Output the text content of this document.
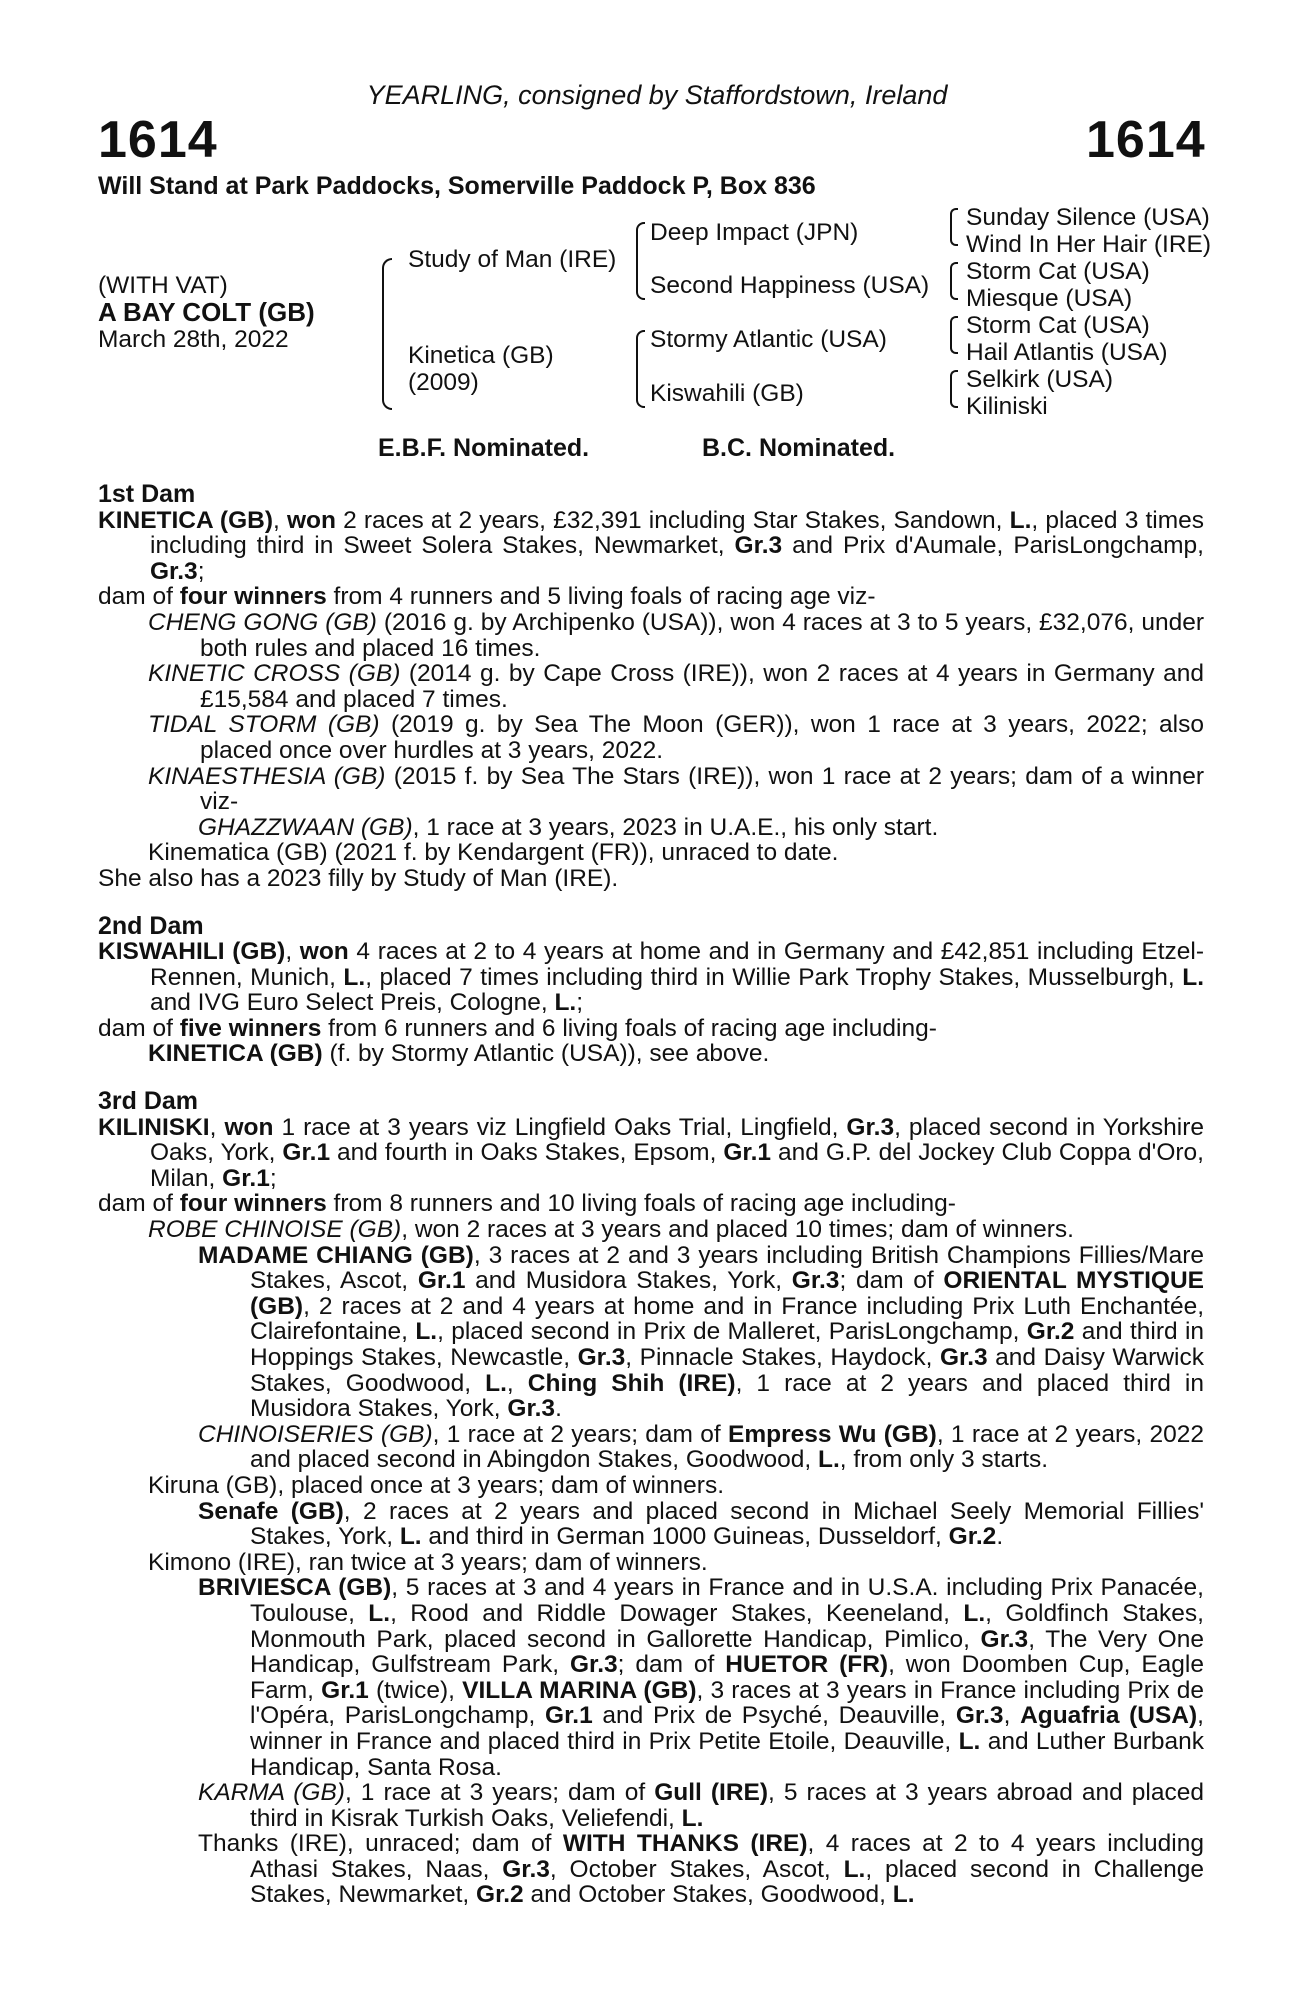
YEARLING, consigned by Staffordstown, Ireland
1614	1614
Will Stand at Park Paddocks, Somerville Paddock P, Box 836
(WITH VAT)
A BAY COLT (GB)
March 28th, 2022
Study of Man (IRE)
Kinetica (GB)
(2009)
Deep Impact (JPN)
Second Happiness (USA)
Stormy Atlantic (USA)
Kiswahili (GB)
Sunday Silence (USA)
Wind In Her Hair (IRE)
Storm Cat (USA)
Miesque (USA)
Storm Cat (USA)
Hail Atlantis (USA)
Selkirk (USA)
Kiliniski
E.B.F. Nominated.	B.C. Nominated.
1st Dam
KINETICA (GB), won 2 races at 2 years, £32,391 including Star Stakes, Sandown, L., placed 3 times including third in Sweet Solera Stakes, Newmarket, Gr.3 and Prix d'Aumale, ParisLongchamp, Gr.3;
dam of four winners from 4 runners and 5 living foals of racing age viz-
CHENG GONG (GB) (2016 g. by Archipenko (USA)), won 4 races at 3 to 5 years, £32,076, under both rules and placed 16 times.
KINETIC CROSS (GB) (2014 g. by Cape Cross (IRE)), won 2 races at 4 years in Germany and £15,584 and placed 7 times.
TIDAL STORM (GB) (2019 g. by Sea The Moon (GER)), won 1 race at 3 years, 2022; also placed once over hurdles at 3 years, 2022.
KINAESTHESIA (GB) (2015 f. by Sea The Stars (IRE)), won 1 race at 2 years; dam of a winner viz-
GHAZZWAAN (GB), 1 race at 3 years, 2023 in U.A.E., his only start.
Kinematica (GB) (2021 f. by Kendargent (FR)), unraced to date.
She also has a 2023 filly by Study of Man (IRE).
2nd Dam
KISWAHILI (GB), won 4 races at 2 to 4 years at home and in Germany and £42,851 including Etzel- Rennen, Munich, L., placed 7 times including third in Willie Park Trophy Stakes, Musselburgh, L. and IVG Euro Select Preis, Cologne, L.;
dam of five winners from 6 runners and 6 living foals of racing age including-
KINETICA (GB) (f. by Stormy Atlantic (USA)), see above.
3rd Dam
KILINISKI, won 1 race at 3 years viz Lingfield Oaks Trial, Lingfield, Gr.3, placed second in Yorkshire Oaks, York, Gr.1 and fourth in Oaks Stakes, Epsom, Gr.1 and G.P. del Jockey Club Coppa d'Oro, Milan, Gr.1;
dam of four winners from 8 runners and 10 living foals of racing age including-
ROBE CHINOISE (GB), won 2 races at 3 years and placed 10 times; dam of winners.
MADAME CHIANG (GB), 3 races at 2 and 3 years including British Champions Fillies/Mare Stakes, Ascot, Gr.1 and Musidora Stakes, York, Gr.3; dam of ORIENTAL MYSTIQUE (GB), 2 races at 2 and 4 years at home and in France including Prix Luth Enchantée, Clairefontaine, L., placed second in Prix de Malleret, ParisLongchamp, Gr.2 and third in Hoppings Stakes, Newcastle, Gr.3, Pinnacle Stakes, Haydock, Gr.3 and Daisy Warwick Stakes, Goodwood, L., Ching Shih (IRE), 1 race at 2 years and placed third in Musidora Stakes, York, Gr.3.
CHINOISERIES (GB), 1 race at 2 years; dam of Empress Wu (GB), 1 race at 2 years, 2022 and placed second in Abingdon Stakes, Goodwood, L., from only 3 starts.
Kiruna (GB), placed once at 3 years; dam of winners.
Senafe (GB), 2 races at 2 years and placed second in Michael Seely Memorial Fillies' Stakes, York, L. and third in German 1000 Guineas, Dusseldorf, Gr.2.
Kimono (IRE), ran twice at 3 years; dam of winners.
BRIVIESCA (GB), 5 races at 3 and 4 years in France and in U.S.A. including Prix Panacée, Toulouse, L., Rood and Riddle Dowager Stakes, Keeneland, L., Goldfinch Stakes, Monmouth Park, placed second in Gallorette Handicap, Pimlico, Gr.3, The Very One Handicap, Gulfstream Park, Gr.3; dam of HUETOR (FR), won Doomben Cup, Eagle Farm, Gr.1 (twice), VILLA MARINA (GB), 3 races at 3 years in France including Prix de l'Opéra, ParisLongchamp, Gr.1 and Prix de Psyché, Deauville, Gr.3, Aguafria (USA), winner in France and placed third in Prix Petite Etoile, Deauville, L. and Luther Burbank Handicap, Santa Rosa.
KARMA (GB), 1 race at 3 years; dam of Gull (IRE), 5 races at 3 years abroad and placed third in Kisrak Turkish Oaks, Veliefendi, L.
Thanks (IRE), unraced; dam of WITH THANKS (IRE), 4 races at 2 to 4 years including Athasi Stakes, Naas, Gr.3, October Stakes, Ascot, L., placed second in Challenge Stakes, Newmarket, Gr.2 and October Stakes, Goodwood, L.
